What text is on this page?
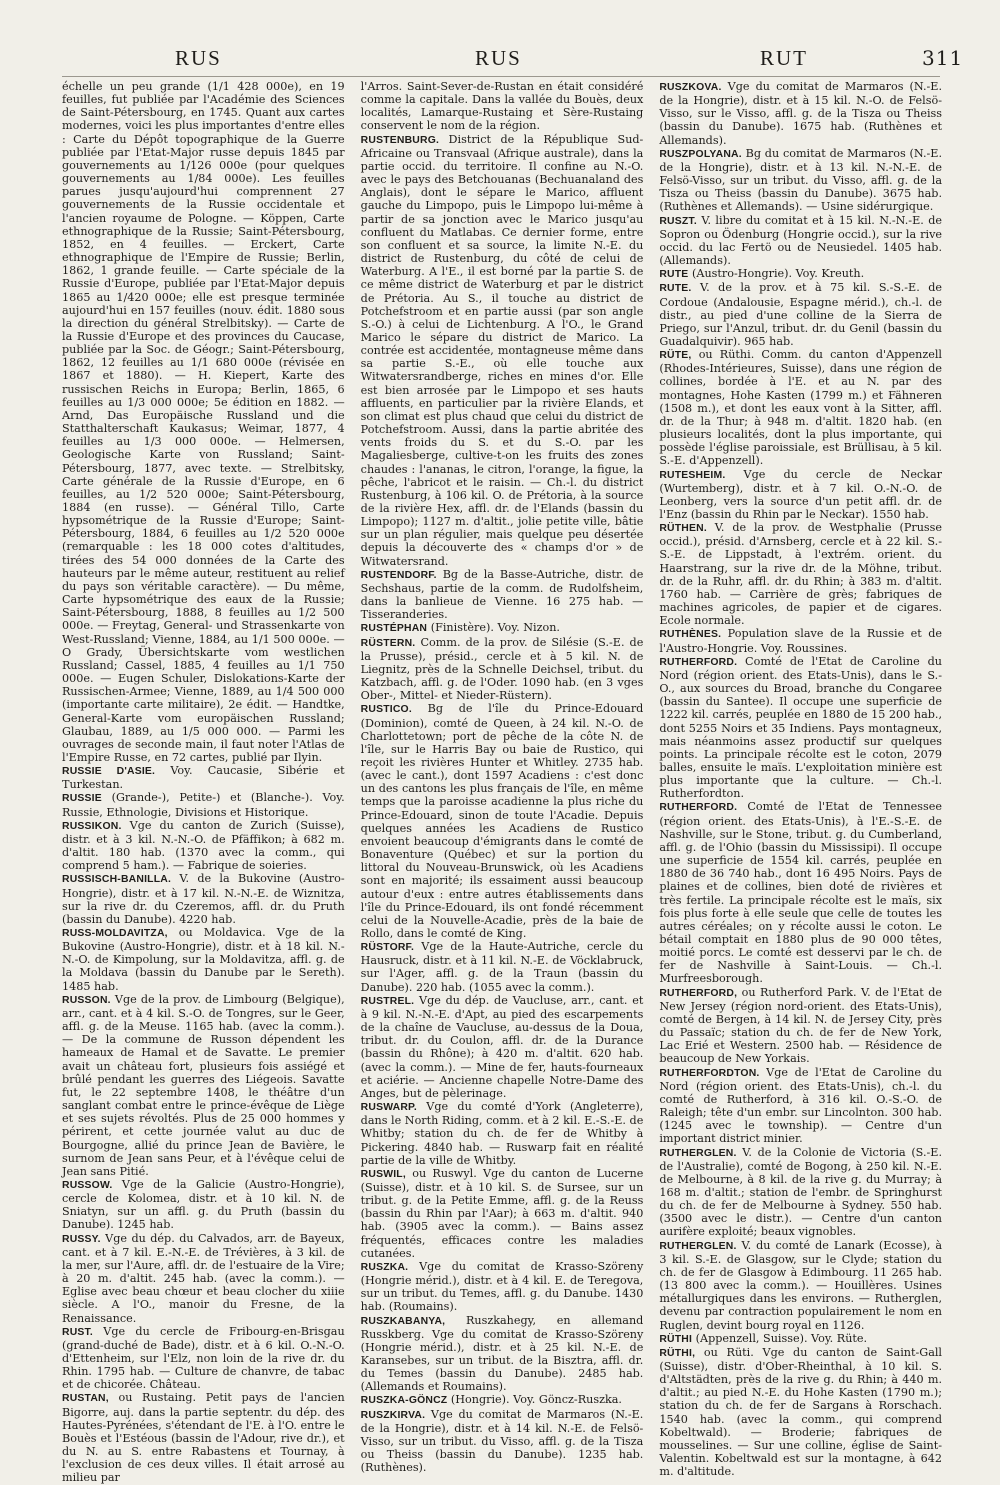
RUS	RUS	RUT	311

échelle un peu grande (1/1 428 000e), en 19 feuilles, fut publiée par l'Académie des Sciences de Saint-Pétersbourg, en 1745. Quant aux cartes modernes, voici les plus importantes d'entre elles : Carte du Dépôt topographique de la Guerre publiée par l'Etat-Major russe depuis 1845 par gouvernements au 1/126 000e (pour quelques gouvernements au 1/84 000e). Les feuilles parues jusqu'aujourd'hui comprennent 27 gouvernements de la Russie occidentale et l'ancien royaume de Pologne. — Köppen, Carte ethnographique de la Russie; Saint-Pétersbourg, 1852, en 4 feuilles. — Erckert, Carte ethnographique de l'Empire de Russie; Berlin, 1862, 1 grande feuille. — Carte spéciale de la Russie d'Europe, publiée par l'Etat-Major depuis 1865 au 1/420 000e; elle est presque terminée aujourd'hui en 157 feuilles (nouv. édit. 1880 sous la direction du général Strelbitsky). — Carte de la Russie d'Europe et des provinces du Caucase, publiée par la Soc. de Géogr.; Saint-Pétersbourg, 1862, 12 feuilles au 1/1 680 000e (révisée en 1867 et 1880). — H. Kiepert, Karte des russischen Reichs in Europa; Berlin, 1865, 6 feuilles au 1/3 000 000e; 5e édition en 1882. — Arnd, Das Europäische Russland und die Statthalterschaft Kaukasus; Weimar, 1877, 4 feuilles au 1/3 000 000e. — Helmersen, Geologische Karte von Russland; Saint-Pétersbourg, 1877, avec texte. — Strelbitsky, Carte générale de la Russie d'Europe, en 6 feuilles, au 1/2 520 000e; Saint-Pétersbourg, 1884 (en russe). — Général Tillo, Carte hypsométrique de la Russie d'Europe; Saint-Pétersbourg, 1884, 6 feuilles au 1/2 520 000e (remarquable : les 18 000 cotes d'altitudes, tirées des 54 000 données de la Carte des hauteurs par le même auteur, restituent au relief du pays son véritable caractère). — Du même, Carte hypsométrique des eaux de la Russie; Saint-Pétersbourg, 1888, 8 feuilles au 1/2 500 000e. — Freytag, General- und Strassenkarte von West-Russland; Vienne, 1884, au 1/1 500 000e. — O Grady, Übersichtskarte vom westlichen Russland; Cassel, 1885, 4 feuilles au 1/1 750 000e. — Eugen Schuler, Dislokations-Karte der Russischen-Armee; Vienne, 1889, au 1/4 500 000 (importante carte militaire), 2e édit. — Handtke, General-Karte vom europäischen Russland; Glaubau, 1889, au 1/5 000 000. — Parmi les ouvrages de seconde main, il faut noter l'Atlas de l'Empire Russe, en 72 cartes, publié par Ilyin.

RUSSIE D'ASIE. Voy. Caucasie, Sibérie et Turkestan.

RUSSIE (Grande-), Petite-) et (Blanche-). Voy. Russie, Ethnologie, Divisions et Historique.

RUSSIKON. Vge du canton de Zurich (Suisse), distr. et à 3 kil. N.-N.-O. de Pfäffikon; à 682 m. d'altit. 180 hab. (1370 avec la comm., qui comprend 5 ham.). — Fabrique de soieries.

RUSSISCH-BANILLA. V. de la Bukovine (Austro-Hongrie), distr. et à 17 kil. N.-N.-E. de Wiznitza, sur la rive dr. du Czeremos, affl. dr. du Pruth (bassin du Danube). 4220 hab.

RUSS-MOLDAVITZA, ou Moldavica. Vge de la Bukovine (Austro-Hongrie), distr. et à 18 kil. N.-N.-O. de Kimpolung, sur la Moldavitza, affl. g. de la Moldava (bassin du Danube par le Sereth). 1485 hab.

RUSSON. Vge de la prov. de Limbourg (Belgique), arr., cant. et à 4 kil. S.-O. de Tongres, sur le Geer, affl. g. de la Meuse. 1165 hab. (avec la comm.). — De la commune de Russon dépendent les hameaux de Hamal et de Savatte. Le premier avait un château fort, plusieurs fois assiégé et brûlé pendant les guerres des Liégeois. Savatte fut, le 22 septembre 1408, le théâtre d'un sanglant combat entre le prince-évêque de Liège et ses sujets révoltés. Plus de 25 000 hommes y périrent, et cette journée valut au duc de Bourgogne, allié du prince Jean de Bavière, le surnom de Jean sans Peur, et à l'évêque celui de Jean sans Pitié.

RUSSOW. Vge de la Galicie (Austro-Hongrie), cercle de Kolomea, distr. et à 10 kil. N. de Sniatyn, sur un affl. g. du Pruth (bassin du Danube). 1245 hab.

RUSSY. Vge du dép. du Calvados, arr. de Bayeux, cant. et à 7 kil. E.-N.-E. de Trévières, à 3 kil. de la mer, sur l'Aure, affl. dr. de l'estuaire de la Vire; à 20 m. d'altit. 245 hab. (avec la comm.). — Eglise avec beau chœur et beau clocher du xiiie siècle. A l'O., manoir du Fresne, de la Renaissance.

RUST. Vge du cercle de Fribourg-en-Brisgau (grand-duché de Bade), distr. et à 6 kil. O.-N.-O. d'Ettenheim, sur l'Elz, non loin de la rive dr. du Rhin. 1795 hab. — Culture de chanvre, de tabac et de chicorée. Château.

RUSTAN, ou Rustaing. Petit pays de l'ancien Bigorre, auj. dans la partie septentr. du dép. des Hautes-Pyrénées, s'étendant de l'E. à l'O. entre le Bouès et l'Estéous (bassin de l'Adour, rive dr.), et du N. au S. entre Rabastens et Tournay, à l'exclusion de ces deux villes. Il était arrosé au milieu par

l'Arros. Saint-Sever-de-Rustan en était considéré comme la capitale. Dans la vallée du Bouès, deux localités, Lamarque-Rustaing et Sère-Rustaing conservent le nom de la région.

RUSTENBURG. District de la République Sud-Africaine ou Transvaal (Afrique australe), dans la partie occid. du territoire. Il confine au N.-O. avec le pays des Betchouanas (Bechuanaland des Anglais), dont le sépare le Marico, affluent gauche du Limpopo, puis le Limpopo lui-même à partir de sa jonction avec le Marico jusqu'au confluent du Matlabas. Ce dernier forme, entre son confluent et sa source, la limite N.-E. du district de Rustenburg, du côté de celui de Waterburg. A l'E., il est borné par la partie S. de ce même district de Waterburg et par le district de Prétoria. Au S., il touche au district de Potchefstroom et en partie aussi (par son angle S.-O.) à celui de Lichtenburg. A l'O., le Grand Marico le sépare du district de Marico. La contrée est accidentée, montagneuse même dans sa partie S.-E., où elle touche aux Witwatersrandberge, riches en mines d'or. Elle est bien arrosée par le Limpopo et ses hauts affluents, en particulier par la rivière Elands, et son climat est plus chaud que celui du district de Potchefstroom. Aussi, dans la partie abritée des vents froids du S. et du S.-O. par les Magaliesberge, cultive-t-on les fruits des zones chaudes : l'ananas, le citron, l'orange, la figue, la pêche, l'abricot et le raisin. — Ch.-l. du district Rustenburg, à 106 kil. O. de Prétoria, à la source de la rivière Hex, affl. dr. de l'Elands (bassin du Limpopo); 1127 m. d'altit., jolie petite ville, bâtie sur un plan régulier, mais quelque peu désertée depuis la découverte des « champs d'or » de Witwatersrand.

RUSTENDORF. Bg de la Basse-Autriche, distr. de Sechshaus, partie de la comm. de Rudolfsheim, dans la banlieue de Vienne. 16 275 hab. — Tisseranderies.

RUSTÉPHAN (Finistère). Voy. Nizon.

RÜSTERN. Comm. de la prov. de Silésie (S.-E. de la Prusse), présid., cercle et à 5 kil. N. de Liegnitz, près de la Schnelle Deichsel, tribut. du Katzbach, affl. g. de l'Oder. 1090 hab. (en 3 vges Ober-, Mittel- et Nieder-Rüstern).

RUSTICO. Bg de l'île du Prince-Edouard (Dominion), comté de Queen, à 24 kil. N.-O. de Charlottetown; port de pêche de la côte N. de l'île, sur le Harris Bay ou baie de Rustico, qui reçoit les rivières Hunter et Whitley. 2735 hab. (avec le cant.), dont 1597 Acadiens : c'est donc un des cantons les plus français de l'île, en même temps que la paroisse acadienne la plus riche du Prince-Edouard, sinon de toute l'Acadie. Depuis quelques années les Acadiens de Rustico envoient beaucoup d'émigrants dans le comté de Bonaventure (Québec) et sur la portion du littoral du Nouveau-Brunswick, où les Acadiens sont en majorité; ils essaiment aussi beaucoup autour d'eux : entre autres établissements dans l'île du Prince-Edouard, ils ont fondé récemment celui de la Nouvelle-Acadie, près de la baie de Rollo, dans le comté de King.

RÜSTORF. Vge de la Haute-Autriche, cercle du Hausruck, distr. et à 11 kil. N.-E. de Vöcklabruck, sur l'Ager, affl. g. de la Traun (bassin du Danube). 220 hab. (1055 avec la comm.).

RUSTREL. Vge du dép. de Vaucluse, arr., cant. et à 9 kil. N.-N.-E. d'Apt, au pied des escarpements de la chaîne de Vaucluse, au-dessus de la Doua, tribut. dr. du Coulon, affl. dr. de la Durance (bassin du Rhône); à 420 m. d'altit. 620 hab. (avec la comm.). — Mine de fer, hauts-fourneaux et aciérie. — Ancienne chapelle Notre-Dame des Anges, but de pèlerinage.

RUSWARP. Vge du comté d'York (Angleterre), dans le North Riding, comm. et à 2 kil. E.-S.-E. de Whitby; station du ch. de fer de Whitby à Pickering. 4840 hab. — Ruswarp fait en réalité partie de la ville de Whitby.

RUSWIL, ou Ruswyl. Vge du canton de Lucerne (Suisse), distr. et à 10 kil. S. de Sursee, sur un tribut. g. de la Petite Emme, affl. g. de la Reuss (bassin du Rhin par l'Aar); à 663 m. d'altit. 940 hab. (3905 avec la comm.). — Bains assez fréquentés, efficaces contre les maladies cutanées.

RUSZKA. Vge du comitat de Krasso-Szöreny (Hongrie mérid.), distr. et à 4 kil. E. de Teregova, sur un tribut. du Temes, affl. g. du Danube. 1430 hab. (Roumains).

RUSZKABANYA, Ruszkahegy, en allemand Russkberg. Vge du comitat de Krasso-Szöreny (Hongrie mérid.), distr. et à 25 kil. N.-E. de Karansebes, sur un tribut. de la Bisztra, affl. dr. du Temes (bassin du Danube). 2485 hab. (Allemands et Roumains).

RUSZKA-GÖNCZ (Hongrie). Voy. Göncz-Ruszka.

RUSZKIRVA. Vge du comitat de Marmaros (N.-E. de la Hongrie), distr. et à 14 kil. N.-E. de Felsö-Visso, sur un tribut. du Visso, affl. g. de la Tisza ou Theiss (bassin du Danube). 1235 hab. (Ruthènes).

RUSZKOVA. Vge du comitat de Marmaros (N.-E. de la Hongrie), distr. et à 15 kil. N.-O. de Felsö-Visso, sur le Visso, affl. g. de la Tisza ou Theiss (bassin du Danube). 1675 hab. (Ruthènes et Allemands).

RUSZPOLYANA. Bg du comitat de Marmaros (N.-E. de la Hongrie), distr. et à 13 kil. N.-N.-E. de Felsö-Visso, sur un tribut. du Visso, affl. g. de la Tisza ou Theiss (bassin du Danube). 3675 hab. (Ruthènes et Allemands). — Usine sidérurgique.

RUSZT. V. libre du comitat et à 15 kil. N.-N.-E. de Sopron ou Ödenburg (Hongrie occid.), sur la rive occid. du lac Fertö ou de Neusiedel. 1405 hab. (Allemands).

RUTE (Austro-Hongrie). Voy. Kreuth.

RUTE. V. de la prov. et à 75 kil. S.-S.-E. de Cordoue (Andalousie, Espagne mérid.), ch.-l. de distr., au pied d'une colline de la Sierra de Priego, sur l'Anzul, tribut. dr. du Genil (bassin du Guadalquivir). 965 hab.

RÜTE, ou Rüthi. Comm. du canton d'Appenzell (Rhodes-Intérieures, Suisse), dans une région de collines, bordée à l'E. et au N. par des montagnes, Hohe Kasten (1799 m.) et Fähneren (1508 m.), et dont les eaux vont à la Sitter, affl. dr. de la Thur; à 948 m. d'altit. 1820 hab. (en plusieurs localités, dont la plus importante, qui possède l'église paroissiale, est Brüllisau, à 5 kil. S.-E. d'Appenzell).

RUTESHEIM. Vge du cercle de Neckar (Wurtemberg), distr. et à 7 kil. O.-N.-O. de Leonberg, vers la source d'un petit affl. dr. de l'Enz (bassin du Rhin par le Neckar). 1550 hab.

RÜTHEN. V. de la prov. de Westphalie (Prusse occid.), présid. d'Arnsberg, cercle et à 22 kil. S.-S.-E. de Lippstadt, à l'extrém. orient. du Haarstrang, sur la rive dr. de la Möhne, tribut. dr. de la Ruhr, affl. dr. du Rhin; à 383 m. d'altit. 1760 hab. — Carrière de grès; fabriques de machines agricoles, de papier et de cigares. Ecole normale.

RUTHÈNES. Population slave de la Russie et de l'Austro-Hongrie. Voy. Roussines.

RUTHERFORD. Comté de l'Etat de Caroline du Nord (région orient. des Etats-Unis), dans le S.-O., aux sources du Broad, branche du Congaree (bassin du Santee). Il occupe une superficie de 1222 kil. carrés, peuplée en 1880 de 15 200 hab., dont 5255 Noirs et 35 Indiens. Pays montagneux, mais néanmoins assez productif sur quelques points. La principale récolte est le coton, 2079 balles, ensuite le maïs. L'exploitation minière est plus importante que la culture. — Ch.-l. Rutherfordton.

RUTHERFORD. Comté de l'Etat de Tennessee (région orient. des Etats-Unis), à l'E.-S.-E. de Nashville, sur le Stone, tribut. g. du Cumberland, affl. g. de l'Ohio (bassin du Mississipi). Il occupe une superficie de 1554 kil. carrés, peuplée en 1880 de 36 740 hab., dont 16 495 Noirs. Pays de plaines et de collines, bien doté de rivières et très fertile. La principale récolte est le maïs, six fois plus forte à elle seule que celle de toutes les autres céréales; on y récolte aussi le coton. Le bétail comptait en 1880 plus de 90 000 têtes, moitié porcs. Le comté est desservi par le ch. de fer de Nashville à Saint-Louis. — Ch.-l. Murfreesborough.

RUTHERFORD, ou Rutherford Park. V. de l'Etat de New Jersey (région nord-orient. des Etats-Unis), comté de Bergen, à 14 kil. N. de Jersey City, près du Passaïc; station du ch. de fer de New York, Lac Erié et Western. 2500 hab. — Résidence de beaucoup de New Yorkais.

RUTHERFORDTON. Vge de l'Etat de Caroline du Nord (région orient. des Etats-Unis), ch.-l. du comté de Rutherford, à 316 kil. O.-S.-O. de Raleigh; tête d'un embr. sur Lincolnton. 300 hab. (1245 avec le township). — Centre d'un important district minier.

RUTHERGLEN. V. de la Colonie de Victoria (S.-E. de l'Australie), comté de Bogong, à 250 kil. N.-E. de Melbourne, à 8 kil. de la rive g. du Murray; à 168 m. d'altit.; station de l'embr. de Springhurst du ch. de fer de Melbourne à Sydney. 550 hab. (3500 avec le distr.). — Centre d'un canton aurifère exploité; beaux vignobles.

RUTHERGLEN. V. du comté de Lanark (Ecosse), à 3 kil. S.-E. de Glasgow, sur le Clyde; station du ch. de fer de Glasgow à Edimbourg. 11 265 hab. (13 800 avec la comm.). — Houillères. Usines métallurgiques dans les environs. — Rutherglen, devenu par contraction populairement le nom en Ruglen, devint bourg royal en 1126.

RÜTHI (Appenzell, Suisse). Voy. Rüte.

RÜTHI, ou Rüti. Vge du canton de Saint-Gall (Suisse), distr. d'Ober-Rheinthal, à 10 kil. S. d'Altstädten, près de la rive g. du Rhin; à 440 m. d'altit.; au pied N.-E. du Hohe Kasten (1790 m.); station du ch. de fer de Sargans à Rorschach. 1540 hab. (avec la comm., qui comprend Kobeltwald). — Broderie; fabriques de mousselines. — Sur une colline, église de Saint-Valentin. Kobeltwald est sur la montagne, à 642 m. d'altitude.
